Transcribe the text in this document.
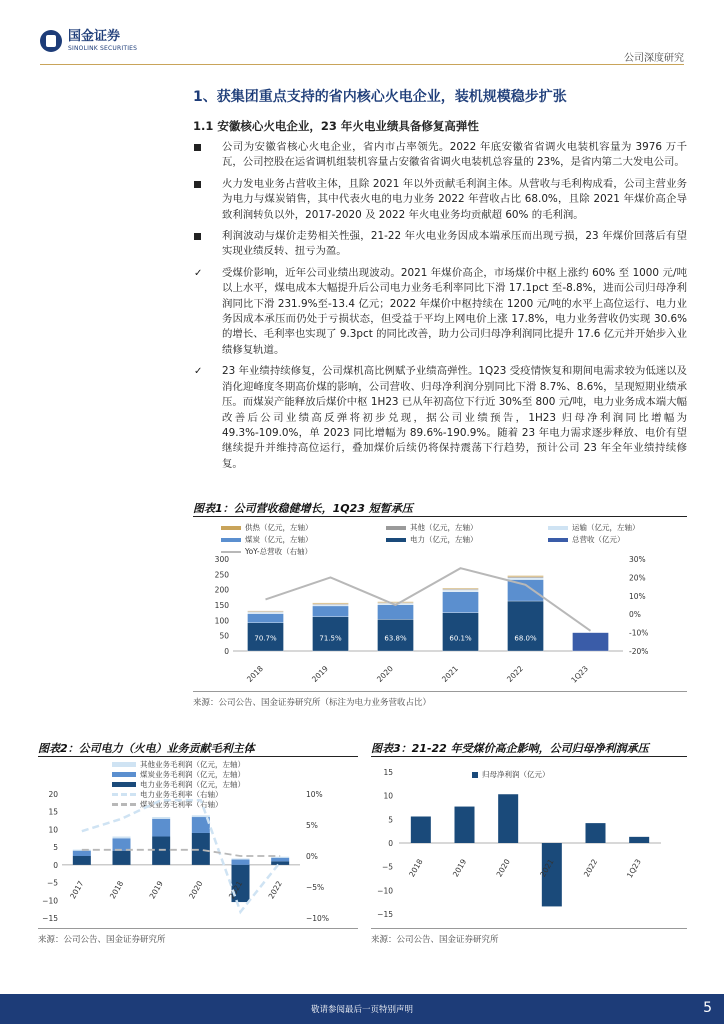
国金证券
SINOLINK SECURITIES
公司深度研究
1、获集团重点支持的省内核心火电企业，装机规模稳步扩张
1.1 安徽核心火电企业，23 年火电业绩具备修复高弹性
公司为安徽省核心火电企业，省内市占率领先。2022 年底安徽省省调火电装机容量为 3976 万千瓦，公司控股在运省调机组装机容量占安徽省省调火电装机总容量的 23%，是省内第二大发电公司。
火力发电业务占营收主体，且除 2021 年以外贡献毛利润主体。从营收与毛利构成看，公司主营业务为电力与煤炭销售，其中代表火电的电力业务 2022 年营收占比 68.0%，且除 2021 年煤价高企导致利润转负以外，2017-2020 及 2022 年火电业务均贡献超 60% 的毛利润。
利润波动与煤价走势相关性强，21-22 年火电业务因成本端承压而出现亏损，23 年煤价回落后有望实现业绩反转、扭亏为盈。
✓ 受煤价影响，近年公司业绩出现波动。2021 年煤价高企，市场煤价中枢上涨约 60% 至 1000 元/吨以上水平，煤电成本大幅提升后公司电力业务毛利率同比下滑 17.1pct 至-8.8%，进而公司归母净利润同比下滑 231.9%至-13.4 亿元；2022 年煤价中枢持续在 1200 元/吨的水平上高位运行、电力业务因成本承压而仍处于亏损状态，但受益于平均上网电价上涨 17.8%，电力业务营收仍实现 30.6%的增长、毛利率也实现了 9.3pct 的同比改善，助力公司归母净利润同比提升 17.6 亿元并开始步入业绩修复轨道。
✓ 23 年业绩持续修复，公司煤机高比例赋予业绩高弹性。1Q23 受疫情恢复和期间电需求较为低迷以及消化迎峰度冬期高价煤的影响，公司营收、归母净利润分别同比下滑 8.7%、8.6%，呈现短期业绩承压。而煤炭产能释放后煤价中枢 1H23 已从年初高位下行近 30%至 800 元/吨，电力业务成本端大幅改善后公司业绩高反弹将初步兑现，据公司业绩预告，1H23 归母净利润同比增幅为 49.3%-109.0%，单 2023 同比增幅为 89.6%-190.9%。随着 23 年电力需求逐步释放、电价有望继续提升并维持高位运行，叠加煤价后续仍将保持震荡下行趋势，预计公司 23 年全年业绩持续修复。
图表1：公司营收稳健增长，1Q23 短暂承压
供热（亿元，左轴）	其他（亿元，左轴）	运输（亿元，左轴）
煤炭（亿元，左轴）	电力（亿元，左轴）	总营收（亿元）
YoY-总营收（右轴）
300
250
200
150
100
50
0
30%
20%
10%
0%
-10%
-20%
2018
70.7%
2019
71.5%
2020
63.8%
2021
60.1%
2022
68.0%
1Q23
来源：公司公告、国金证券研究所（标注为电力业务营收占比）
图表2：公司电力（火电）业务贡献毛利主体
其他业务毛利润（亿元，左轴）
煤炭业务毛利润（亿元，左轴）
电力业务毛利润（亿元，左轴）
电力业务毛利率（右轴）
煤炭业务毛利率（右轴）
20
15
10
5
0
−5
−10
−15
10%
5%
0%
−5%
−10%
2017	2018	2019	2020	2021	2022
来源：公司公告、国金证券研究所
图表3：21-22 年受煤价高企影响，公司归母净利润承压
归母净利润（亿元）
15
10
5
0
−5
−10
−15
2018	2019	2020	2021	2022	1Q23
来源：公司公告、国金证券研究所
敬请参阅最后一页特别声明	5
